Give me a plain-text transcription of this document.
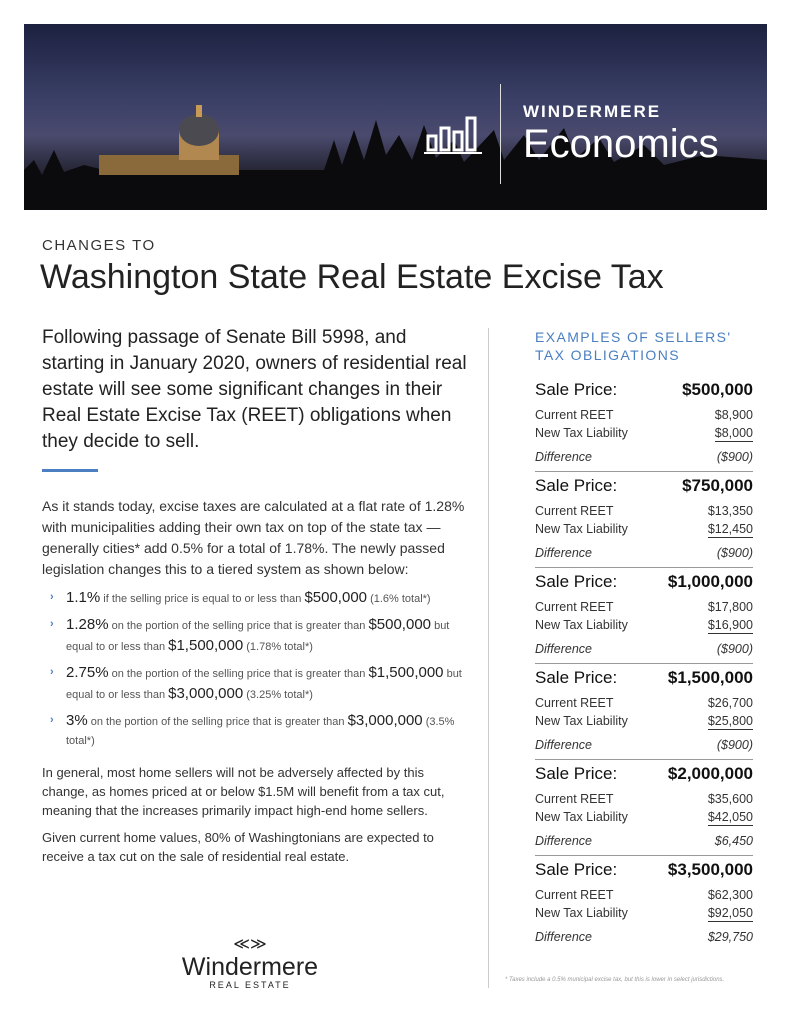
WINDERMERE
Economics
CHANGES TO
Washington State Real Estate Excise Tax

Following passage of Senate Bill 5998, and starting in January 2020, owners of residential real estate will see some significant changes in their Real Estate Excise Tax (REET) obligations when they decide to sell.

As it stands today, excise taxes are calculated at a flat rate of 1.28% with municipalities adding their own tax on top of the state tax — generally cities* add 0.5% for a total of 1.78%. The newly passed legislation changes this to a tiered system as shown below:

› 1.1% if the selling price is equal to or less than $500,000 (1.6% total*)
› 1.28% on the portion of the selling price that is greater than $500,000 but equal to or less than $1,500,000 (1.78% total*)
› 2.75% on the portion of the selling price that is greater than $1,500,000 but equal to or less than $3,000,000 (3.25% total*)
› 3% on the portion of the selling price that is greater than $3,000,000 (3.5% total*)

In general, most home sellers will not be adversely affected by this change, as homes priced at or below $1.5M will benefit from a tax cut, meaning that the increases primarily impact high-end home sellers.

Given current home values, 80% of Washingtonians are expected to receive a tax cut on the sale of residential real estate.

≪≫
Windermere
REAL ESTATE
EXAMPLES OF SELLERS'
TAX OBLIGATIONS
Sale Price:	$500,000
Current REET	$8,900
New Tax Liability	$8,000
Difference	($900)
Sale Price:	$750,000
Current REET	$13,350
New Tax Liability	$12,450
Difference	($900)
Sale Price:	$1,000,000
Current REET	$17,800
New Tax Liability	$16,900
Difference	($900)
Sale Price:	$1,500,000
Current REET	$26,700
New Tax Liability	$25,800
Difference	($900)
Sale Price:	$2,000,000
Current REET	$35,600
New Tax Liability	$42,050
Difference	$6,450
Sale Price:	$3,500,000
Current REET	$62,300
New Tax Liability	$92,050
Difference	$29,750
* Taxes include a 0.5% municipal excise tax, but this is lower in select jurisdictions.
